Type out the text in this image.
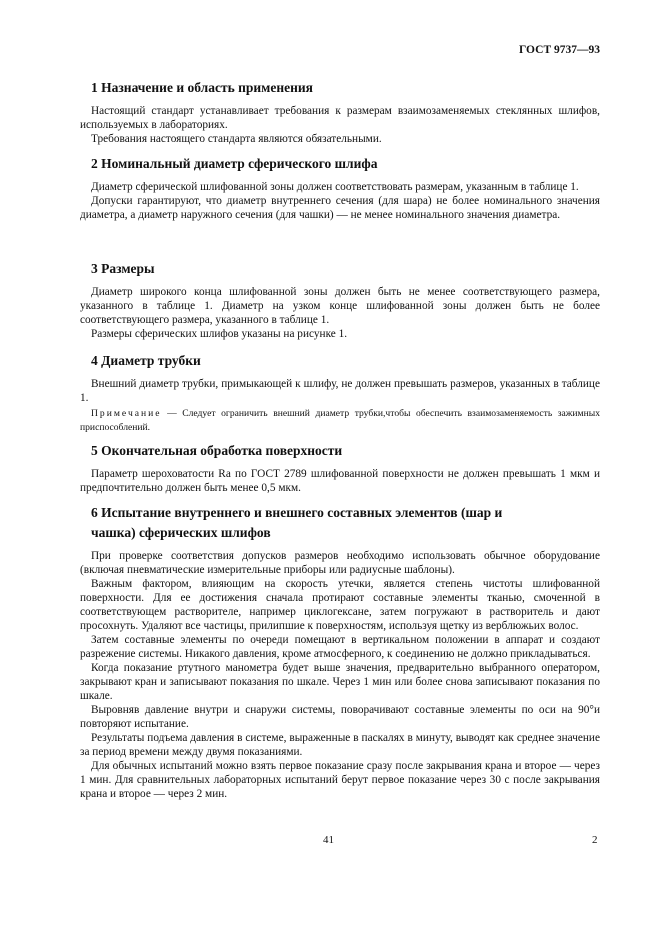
ГОСТ 9737—93
1 Назначение и область применения

Настоящий стандарт устанавливает требования к размерам взаимозаменяемых стеклянных шлифов, используемых в лабораториях.

Требования настоящего стандарта являются обязательными.

2 Номинальный диаметр сферического шлифа

Диаметр сферической шлифованной зоны должен соответствовать размерам, указанным в таблице 1.

Допуски гарантируют, что диаметр внутреннего сечения (для шара) не более номинального значения диаметра, а диаметр наружного сечения (для чашки) — не менее номинального значения диаметра.

3 Размеры

Диаметр широкого конца шлифованной зоны должен быть не менее соответствующего размера, указанного в таблице 1. Диаметр на узком конце шлифованной зоны должен быть не более соответствующего размера, указанного в таблице 1.

Размеры сферических шлифов указаны на рисунке 1.

4 Диаметр трубки

Внешний диаметр трубки, примыкающей к шлифу, не должен превышать размеров, указанных в таблице 1.

Примечание — Следует ограничить внешний диаметр трубки,чтобы обеспечить взаимозаменяемость зажимных приспособлений.

5 Окончательная обработка поверхности

Параметр шероховатости Ra по ГОСТ 2789 шлифованной поверхности не должен превышать 1 мкм и предпочтительно должен быть менее 0,5 мкм.

6 Испытание внутреннего и внешнего составных элементов (шар и чашка) сферических шлифов

При проверке соответствия допусков размеров необходимо использовать обычное оборудование (включая пневматические измерительные приборы или радиусные шаблоны).

Важным фактором, влияющим на скорость утечки, является степень чистоты шлифованной поверхности. Для ее достижения сначала протирают составные элементы тканью, смоченной в соответствующем растворителе, например циклогексане, затем погружают в растворитель и дают просохнуть. Удаляют все частицы, прилипшие к поверхностям, используя щетку из верблюжьих волос.

Затем составные элементы по очереди помещают в вертикальном положении в аппарат и создают разрежение системы. Никакого давления, кроме атмосферного, к соединению не должно прикладываться.

Когда показание ртутного манометра будет выше значения, предварительно выбранного оператором, закрывают кран и записывают показания по шкале. Через 1 мин или более снова записывают показания по шкале.

Выровняв давление внутри и снаружи системы, поворачивают составные элементы по оси на 90°и повторяют испытание.

Результаты подъема давления в системе, выраженные в паскалях в минуту, выводят как среднее значение за период времени между двумя показаниями.

Для обычных испытаний можно взять первое показание сразу после закрывания крана и второе — через 1 мин. Для сравнительных лабораторных испытаний берут первое показание через 30 с после закрывания крана и второе — через 2 мин.

41	2
